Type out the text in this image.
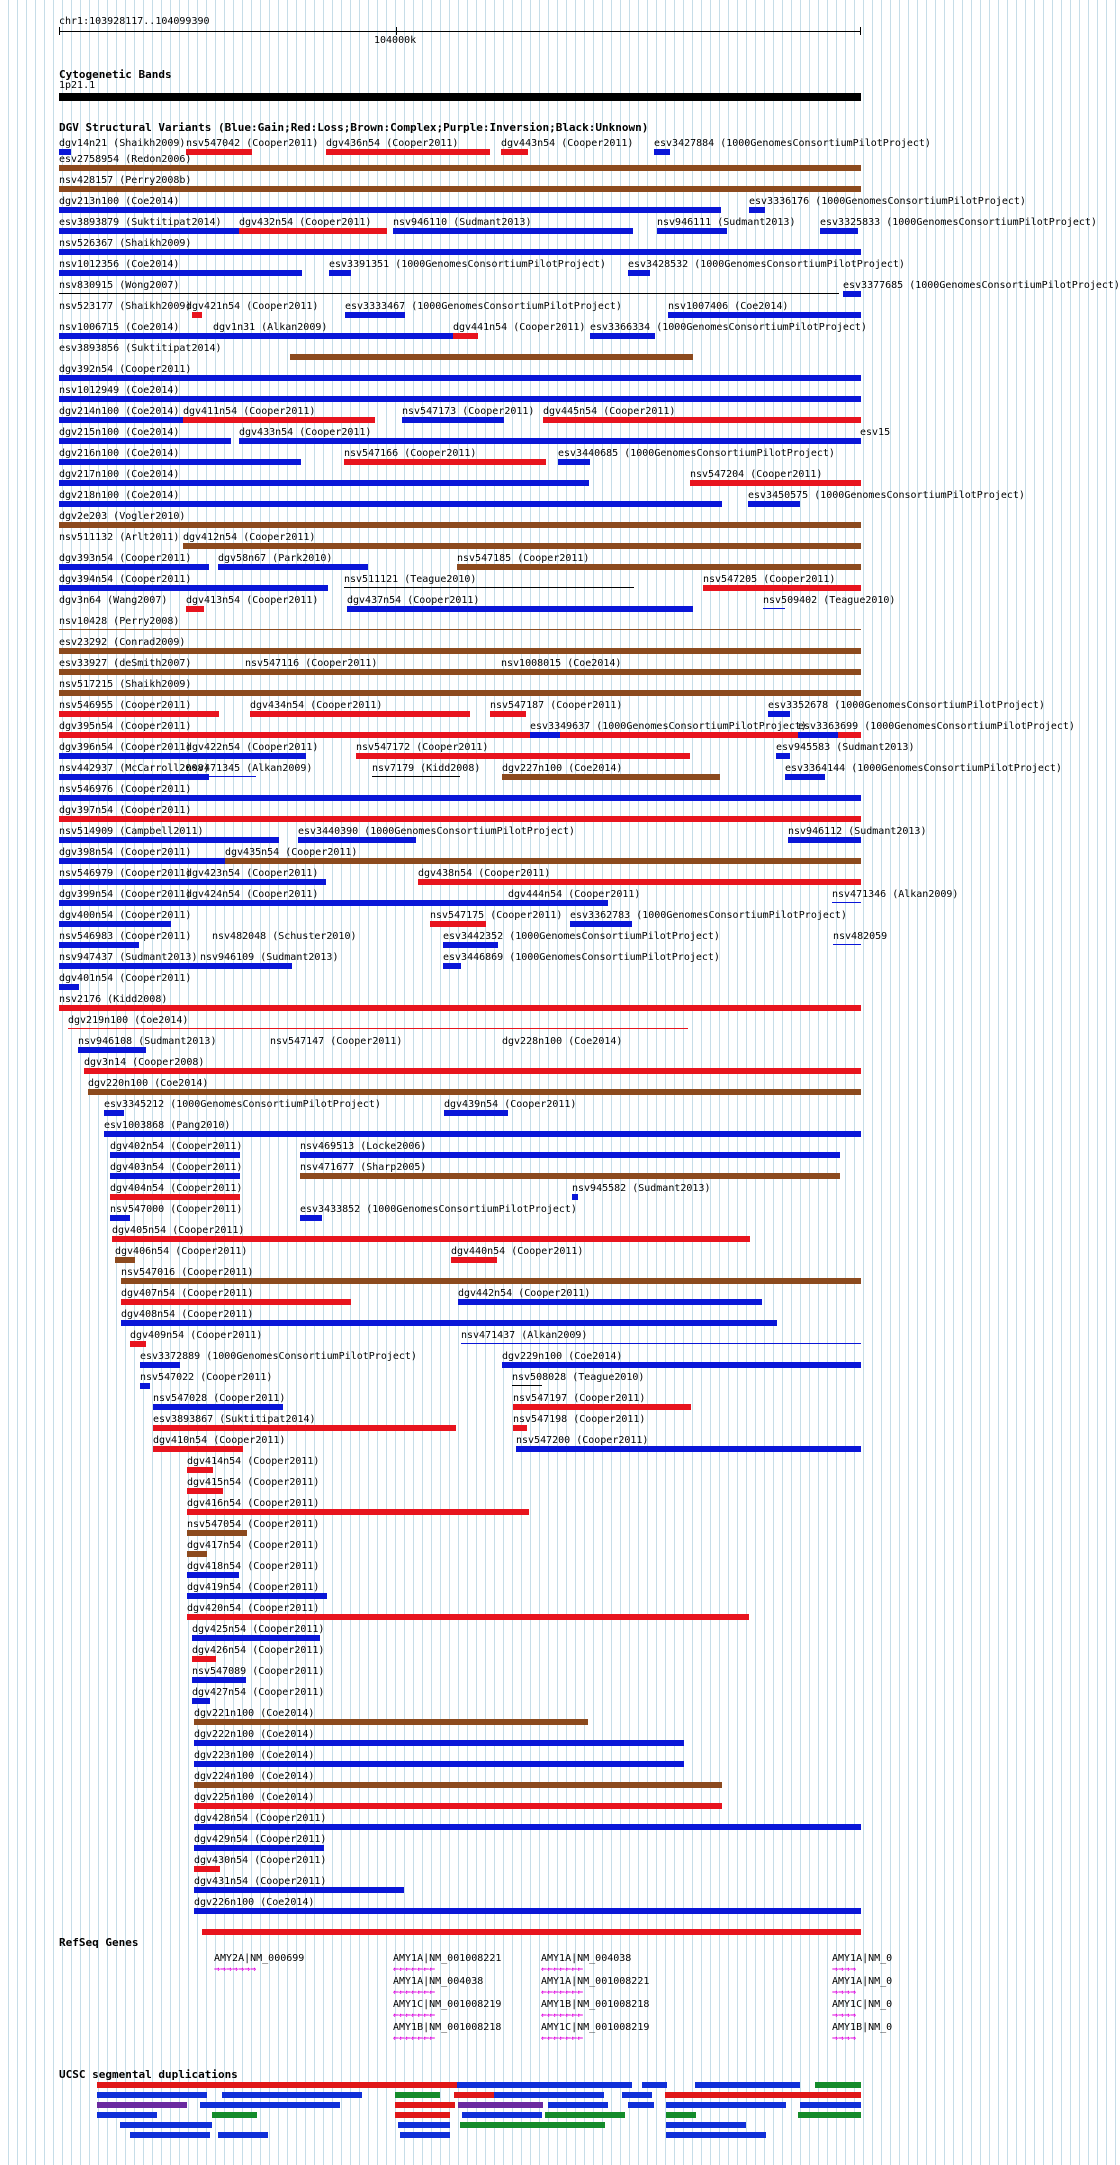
chr1:103928117..104099390
104000k
Cytogenetic Bands
1p21.1
DGV Structural Variants (Blue:Gain;Red:Loss;Brown:Complex;Purple:Inversion;Black:Unknown)
dgv14n21 (Shaikh2009) nsv547042 (Cooper2011) dgv436n54 (Cooper2011)	dgv443n54 (Cooper2011) esv3427884 (1000GenomesConsortiumPilotProject)
esv2758954 (Redon2006)
nsv428157 (Perry2008b)
dgv213n100 (Coe2014)	esv3336176 (1000GenomesConsortiumPilotProject)
esv3893879 (Suktitipat2014) dgv432n54 (Cooper2011) nsv946110 (Sudmant2013)	nsv946111 (Sudmant2013) esv3325833 (1000GenomesConsortiumPilotProject)
nsv526367 (Shaikh2009)
nsv1012356 (Coe2014)	esv3391351 (1000GenomesConsortiumPilotProject) esv3428532 (1000GenomesConsortiumPilotProject)
nsv830915 (Wong2007)	esv3377685 (1000GenomesConsortiumPilotProject)
nsv523177 (Shaikh2009)
dgv421n54 (Cooper2011)	esv3333467 (1000GenomesConsortiumPilotProject)	nsv1007406 (Coe2014)
nsv1006715 (Coe2014)	dgv1n31 (Alkan2009)	dgv441n54 (Cooper2011) esv3366334 (1000GenomesConsortiumPilotProject)
esv3893856 (Suktitipat2014)
dgv392n54 (Cooper2011)
nsv1012949 (Coe2014)
dgv214n100 (Coe2014) dgv411n54 (Cooper2011)	nsv547173 (Cooper2011) dgv445n54 (Cooper2011)
dgv215n100 (Coe2014)	dgv433n54 (Cooper2011)	esv15
dgv216n100 (Coe2014)	nsv547166 (Cooper2011)	esv3440685 (1000GenomesConsortiumPilotProject)
dgv217n100 (Coe2014)	nsv547204 (Cooper2011)
dgv218n100 (Coe2014)	esv3450575 (1000GenomesConsortiumPilotProject)
dgv2e203 (Vogler2010)
nsv511132 (Arlt2011) dgv412n54 (Cooper2011)
dgv393n54 (Cooper2011)	dgv58n67 (Park2010)	nsv547185 (Cooper2011)
dgv394n54 (Cooper2011)	nsv511121 (Teague2010)	nsv547205 (Cooper2011)
dgv3n64 (Wang2007) dgv413n54 (Cooper2011)	dgv437n54 (Cooper2011)	nsv509402 (Teague2010)
nsv10428 (Perry2008)
esv23292 (Conrad2009)
esv33927 (deSmith2007)	nsv547116 (Cooper2011)	nsv1008015 (Coe2014)
nsv517215 (Shaikh2009)
nsv546955 (Cooper2011)	dgv434n54 (Cooper2011)	nsv547187 (Cooper2011)	esv3352678 (1000GenomesConsortiumPilotProject)
dgv395n54 (Cooper2011)	esv3349637 (1000GenomesConsortiumPilotProject)
esv3363699 (1000GenomesConsortiumPilotProject)
dgv396n54 (Cooper2011)
dgv422n54 (Cooper2011)	nsv547172 (Cooper2011)	esv945583 (Sudmant2013)
nsv442937 (McCarroll2008)
nsv471345 (Alkan2009)	nsv7179 (Kidd2008) dgv227n100 (Coe2014)	esv3364144 (1000GenomesConsortiumPilotProject)
nsv546976 (Cooper2011)
dgv397n54 (Cooper2011)
nsv514909 (Campbell2011)	esv3440390 (1000GenomesConsortiumPilotProject)	nsv946112 (Sudmant2013)
dgv398n54 (Cooper2011)	dgv435n54 (Cooper2011)
nsv546979 (Cooper2011)
dgv423n54 (Cooper2011)	dgv438n54 (Cooper2011)
dgv399n54 (Cooper2011)
dgv424n54 (Cooper2011)	dgv444n54 (Cooper2011)	nsv471346 (Alkan2009)
dgv400n54 (Cooper2011)	nsv547175 (Cooper2011) esv3362783 (1000GenomesConsortiumPilotProject)
nsv546983 (Cooper2011) nsv482048 (Schuster2010)	esv3442352 (1000GenomesConsortiumPilotProject)	nsv482059
nsv947437 (Sudmant2013) nsv946109 (Sudmant2013)	esv3446869 (1000GenomesConsortiumPilotProject)
dgv401n54 (Cooper2011)
nsv2176 (Kidd2008)
dgv219n100 (Coe2014)
nsv946108 (Sudmant2013)	nsv547147 (Cooper2011)	dgv228n100 (Coe2014)
dgv3n14 (Cooper2008)
dgv220n100 (Coe2014)
esv3345212 (1000GenomesConsortiumPilotProject)	dgv439n54 (Cooper2011)
esv1003868 (Pang2010)
dgv402n54 (Cooper2011)	nsv469513 (Locke2006)
dgv403n54 (Cooper2011)	nsv471677 (Sharp2005)
dgv404n54 (Cooper2011)	nsv945582 (Sudmant2013)
nsv547000 (Cooper2011)	esv3433852 (1000GenomesConsortiumPilotProject)
dgv405n54 (Cooper2011)
dgv406n54 (Cooper2011)	dgv440n54 (Cooper2011)
nsv547016 (Cooper2011)
dgv407n54 (Cooper2011)	dgv442n54 (Cooper2011)
dgv408n54 (Cooper2011)
dgv409n54 (Cooper2011)	nsv471437 (Alkan2009)
esv3372889 (1000GenomesConsortiumPilotProject)	dgv229n100 (Coe2014)
nsv547022 (Cooper2011)	nsv508028 (Teague2010)
nsv547028 (Cooper2011)	nsv547197 (Cooper2011)
esv3893867 (Suktitipat2014)	nsv547198 (Cooper2011)
dgv410n54 (Cooper2011)	nsv547200 (Cooper2011)
dgv414n54 (Cooper2011)
dgv415n54 (Cooper2011)
dgv416n54 (Cooper2011)
nsv547054 (Cooper2011)
dgv417n54 (Cooper2011)
dgv418n54 (Cooper2011)
dgv419n54 (Cooper2011)
dgv420n54 (Cooper2011)
dgv425n54 (Cooper2011)
dgv426n54 (Cooper2011)
nsv547089 (Cooper2011)
dgv427n54 (Cooper2011)
dgv221n100 (Coe2014)
dgv222n100 (Coe2014)
dgv223n100 (Coe2014)
dgv224n100 (Coe2014)
dgv225n100 (Coe2014)
dgv428n54 (Cooper2011)
dgv429n54 (Cooper2011)
dgv430n54 (Cooper2011)
dgv431n54 (Cooper2011)
dgv226n100 (Coe2014)
RefSeq Genes
AMY2A|NM_000699
⇒⇒⇒⇒⇒⇒⇒
AMY1A|NM_001008221
⇐⇐⇐⇐⇐⇐⇐
AMY1A|NM_004038
⇐⇐⇐⇐⇐⇐⇐
AMY1C|NM_001008219
⇐⇐⇐⇐⇐⇐⇐
AMY1B|NM_001008218
⇐⇐⇐⇐⇐⇐⇐
AMY1A|NM_004038
⇐⇐⇐⇐⇐⇐⇐
AMY1A|NM_001008221
⇐⇐⇐⇐⇐⇐⇐
AMY1B|NM_001008218
⇐⇐⇐⇐⇐⇐⇐
AMY1C|NM_001008219
⇐⇐⇐⇐⇐⇐⇐
AMY1A|NM_0
⇒⇒⇒⇒
AMY1A|NM_0
⇒⇒⇒⇒
AMY1C|NM_0
⇒⇒⇒⇒
AMY1B|NM_0
⇒⇒⇒⇒
UCSC segmental duplications
